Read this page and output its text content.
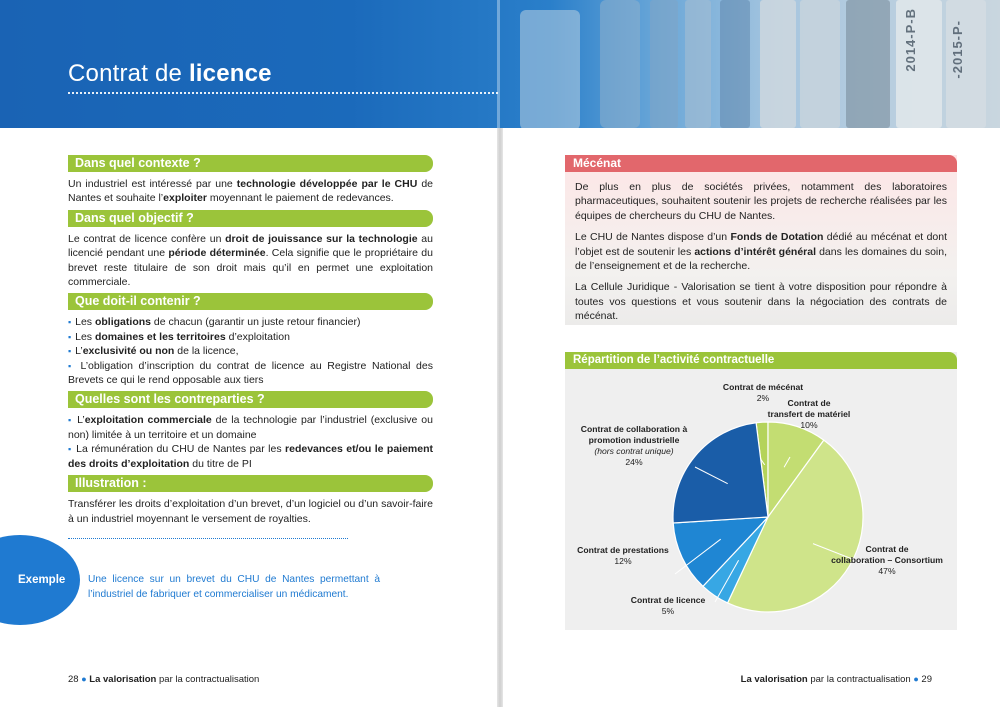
2014-P-B -2015-P-
Contrat de licence
Dans quel contexte ?
Un industriel est intéressé par une technologie développée par le CHU de Nantes et souhaite l’exploiter moyennant le paiement de redevances.
Dans quel objectif ?
Le contrat de licence confère un droit de jouissance sur la technologie au licencié pendant une période déterminée. Cela signifie que le propriétaire du brevet reste titulaire de son droit mais qu’il en permet une exploitation commerciale.
Que doit-il contenir ?
▪ Les obligations de chacun (garantir un juste retour financier)
▪ Les domaines et les territoires d’exploitation
▪ L’exclusivité ou non de la licence,
▪ L’obligation d’inscription du contrat de licence au Registre National des Brevets ce qui le rend opposable aux tiers
Quelles sont les contreparties ?
▪ L’exploitation commerciale de la technologie par l’industriel (exclusive ou non) limitée à un territoire et un domaine
▪ La rémunération du CHU de Nantes par les redevances et/ou le paiement des droits d’exploitation du titre de PI
Illustration :
Transférer les droits d’exploitation d’un brevet, d’un logiciel ou d’un savoir-faire à un industriel moyennant le versement de royalties.
Exemple Une licence sur un brevet du CHU de Nantes permettant à l’industriel de fabriquer et commercialiser un médicament.
28 ● La valorisation par la contractualisation
Mécénat
De plus en plus de sociétés privées, notamment des laboratoires pharmaceutiques, souhaitent soutenir les projets de recherche réalisées par les équipes de chercheurs du CHU de Nantes.
Le CHU de Nantes dispose d’un Fonds de Dotation dédié au mécénat et dont l’objet est de soutenir les actions d’intérêt général dans les domaines du soin, de l’enseignement et de la recherche.
La Cellule Juridique - Valorisation se tient à votre disposition pour répondre à toutes vos questions et vous soutenir dans la négociation des contrats de mécénat.
Répartition de l’activité contractuelle
Contrat de mécénat
2%	Contrat de
transfert de matériel
10%
Contrat de
collaboration – Consortium
47%
Contrat de licence
5%
Contrat de prestations
12%
Contrat de collaboration à
promotion industrielle
(hors contrat unique)
24%
La valorisation par la contractualisation ● 29
